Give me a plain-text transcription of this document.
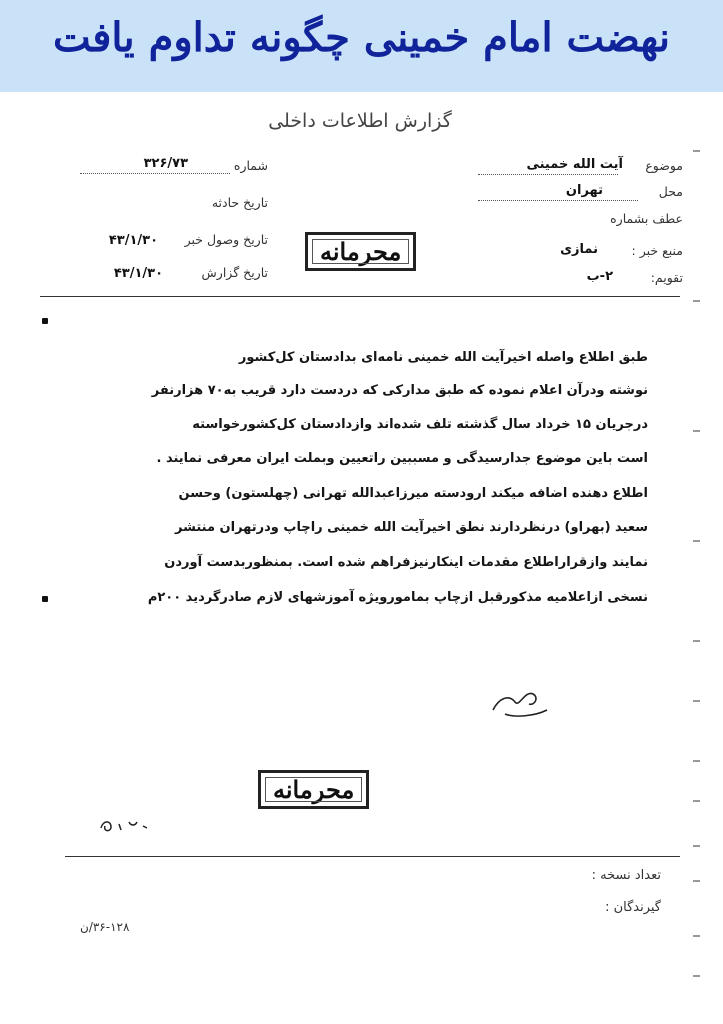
نهضت امام خمینی چگونه تداوم یافت
گزارش اطلاعات داخلی
موضوع
آیت الله خمینی
محل
تهران
عطف بشماره
منبع خبر :
نمازی
تقویم:
۲-ب
شماره
۳۲۶/۷۳
تاریخ حادثه
تاریخ وصول خبر
۴۳/۱/۳۰
تاریخ گزارش
۴۳/۱/۳۰
محرمانه
طبق اطلاع واصله اخیرآیت الله خمینی نامه‌ای بدادستان کل‌کشور
نوشته ودرآن اعلام نموده که طبق مدارکی که دردست دارد قریب به۷۰ هزارنفر
درجریان ۱۵ خرداد سال گذشته تلف شده‌اند وازدادستان کل‌کشورخواسته
است باین موضوع جدارسیدگی و مسببین راتعیین وبملت ایران معرفی نمایند .
اطلاع دهنده اضافه میکند ارودسته میرزاعبدالله تهرانی (چهلستون) وحسن
سعید (بهراو) درنظردارند نطق اخیرآیت الله خمینی راچاپ ودرتهران منتشر
نمایند وازقراراطلاع مقدمات اینکارنیزفراهم شده است. بمنظوربدست آوردن
نسخی ازاعلامیه مذکورقبل ازچاپ بمامورویژه آموزشهای لازم صادرگردید ۲۰۰م
محرمانه
تعداد نسخه :
گیرندگان :
۳۶-۱۲۸/ن
